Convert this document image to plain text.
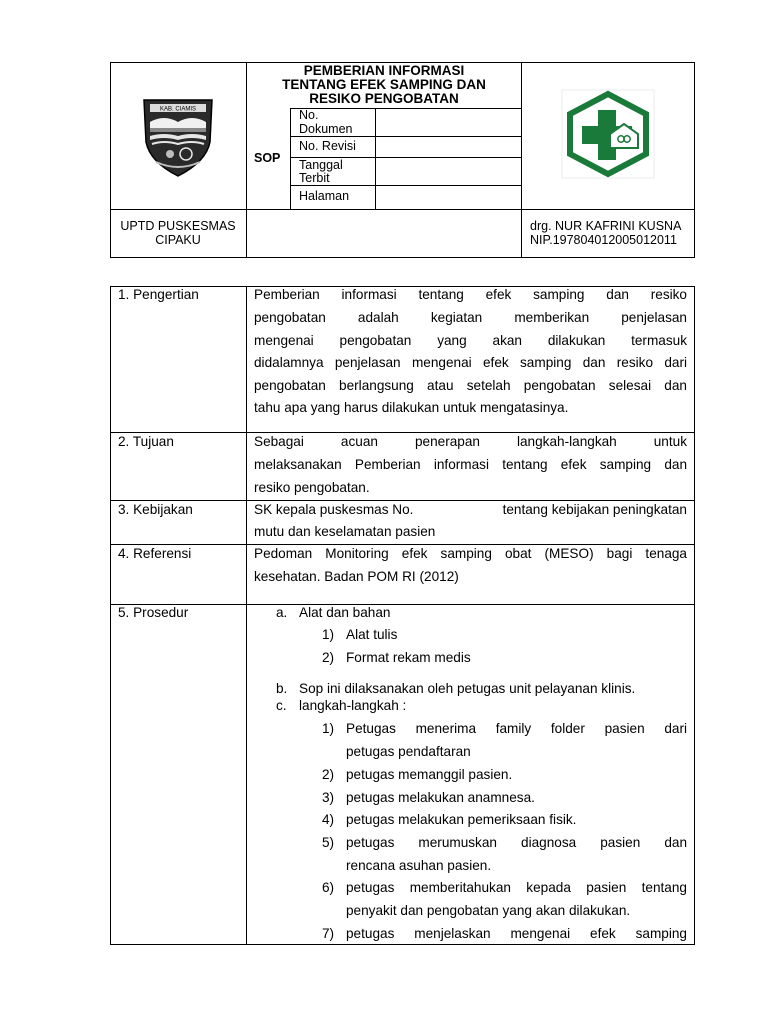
KAB. CIAMIS
PEMBERIAN INFORMASI
TENTANG EFEK SAMPING DAN
RESIKO PENGOBATAN
SOP
No.
Dokumen
No. Revisi
Tanggal
Terbit
Halaman
UPTD PUSKESMAS
CIPAKU
drg. NUR KAFRINI KUSNA
NIP.197804012005012011
1. Pengertian
2. Tujuan
3. Kebijakan
4. Referensi
5. Prosedur
Pemberian informasi tentang efek samping dan resiko
pengobatan adalah kegiatan memberikan penjelasan
mengenai pengobatan yang akan dilakukan termasuk
didalamnya penjelasan mengenai efek samping dan resiko dari
pengobatan berlangsung atau setelah pengobatan selesai dan
tahu apa yang harus dilakukan untuk mengatasinya.
Sebagai acuan penerapan langkah-langkah untuk
melaksanakan Pemberian informasi tentang efek samping dan
resiko pengobatan.
SK kepala puskesmas No.	tentang kebijakan peningkatan
mutu dan keselamatan pasien
Pedoman Monitoring efek samping obat (MESO) bagi tenaga
kesehatan. Badan POM RI (2012)
a. Alat dan bahan
1) Alat tulis
2) Format rekam medis
b. Sop ini dilaksanakan oleh petugas unit pelayanan klinis.
c. langkah-langkah :
1) Petugas menerima family folder pasien dari
petugas pendaftaran
2) petugas memanggil pasien.
3) petugas melakukan anamnesa.
4) petugas melakukan pemeriksaan fisik.
5) petugas merumuskan diagnosa pasien dan
rencana asuhan pasien.
6) petugas memberitahukan kepada pasien tentang
penyakit dan pengobatan yang akan dilakukan.
7) petugas menjelaskan mengenai efek samping
